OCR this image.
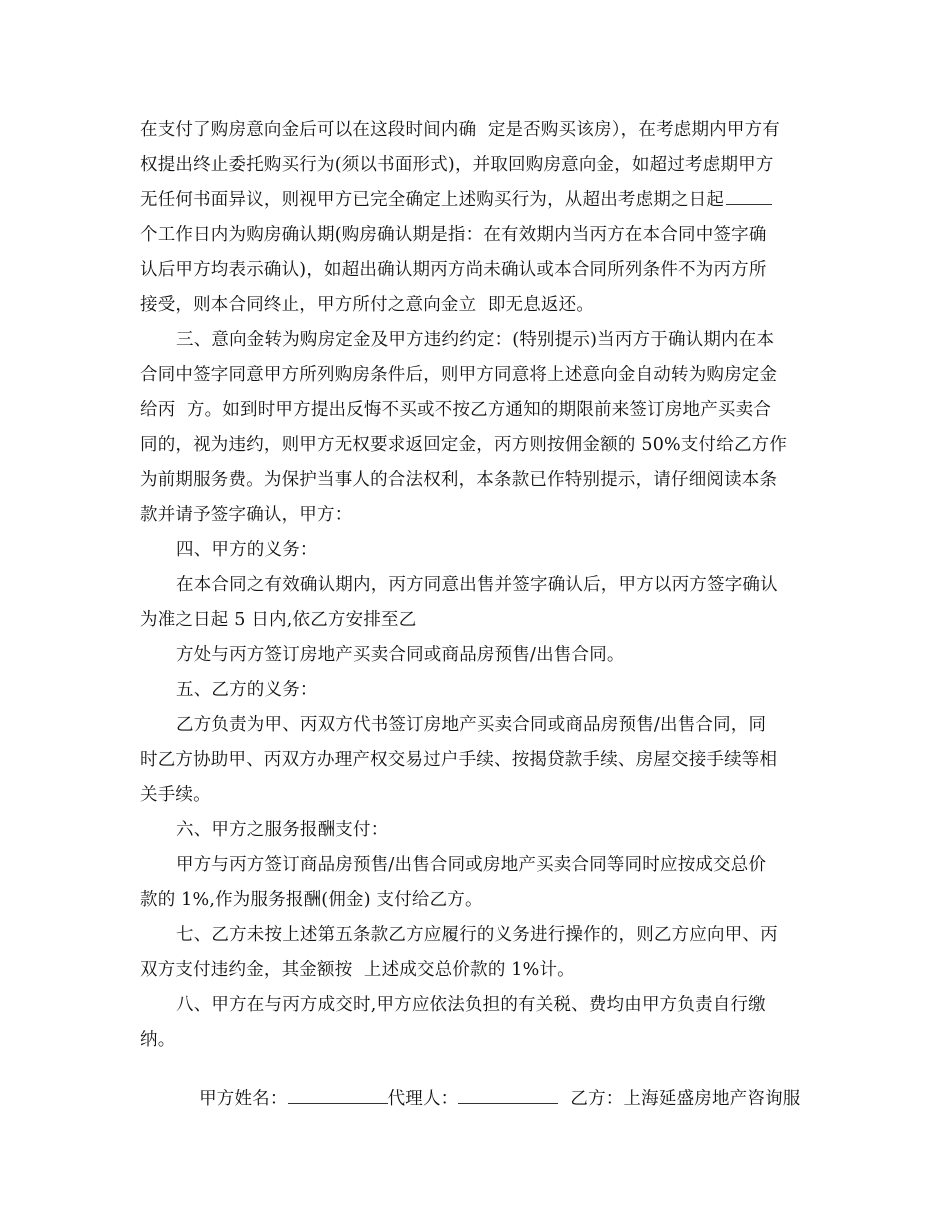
在支付了购房意向金后可以在这段时间内确  定是否购买该房），在考虑期内甲方有
权提出终止委托购买行为(须以书面形式)，并取回购房意向金，如超过考虑期甲方
无任何书面异议，则视甲方已完全确定上述购买行为，从超出考虑期之日起
个工作日内为购房确认期(购房确认期是指：在有效期内当丙方在本合同中签字确
认后甲方均表示确认)，如超出确认期丙方尚未确认或本合同所列条件不为丙方所
接受，则本合同终止，甲方所付之意向金立  即无息返还。
三、意向金转为购房定金及甲方违约约定：(特别提示)当丙方于确认期内在本
合同中签字同意甲方所列购房条件后，则甲方同意将上述意向金自动转为购房定金
给丙  方。如到时甲方提出反悔不买或不按乙方通知的期限前来签订房地产买卖合
同的，视为违约，则甲方无权要求返回定金，丙方则按佣金额的 50%支付给乙方作
为前期服务费。为保护当事人的合法权利，本条款已作特别提示，请仔细阅读本条
款并请予签字确认，甲方：
四、甲方的义务：
在本合同之有效确认期内，丙方同意出售并签字确认后，甲方以丙方签字确认
为准之日起 5 日内,依乙方安排至乙
方处与丙方签订房地产买卖合同或商品房预售/出售合同。
五、乙方的义务：
乙方负责为甲、丙双方代书签订房地产买卖合同或商品房预售/出售合同，同
时乙方协助甲、丙双方办理产权交易过户手续、按揭贷款手续、房屋交接手续等相
关手续。
六、甲方之服务报酬支付：
甲方与丙方签订商品房预售/出售合同或房地产买卖合同等同时应按成交总价
款的 1%,作为服务报酬(佣金) 支付给乙方。
七、乙方未按上述第五条款乙方应履行的义务进行操作的，则乙方应向甲、丙
双方支付违约金，其金额按  上述成交总价款的 1%计。
八、甲方在与丙方成交时,甲方应依法负担的有关税、费均由甲方负责自行缴
纳。

甲方姓名：	代理人：	乙方：上海延盛房地产咨询服
